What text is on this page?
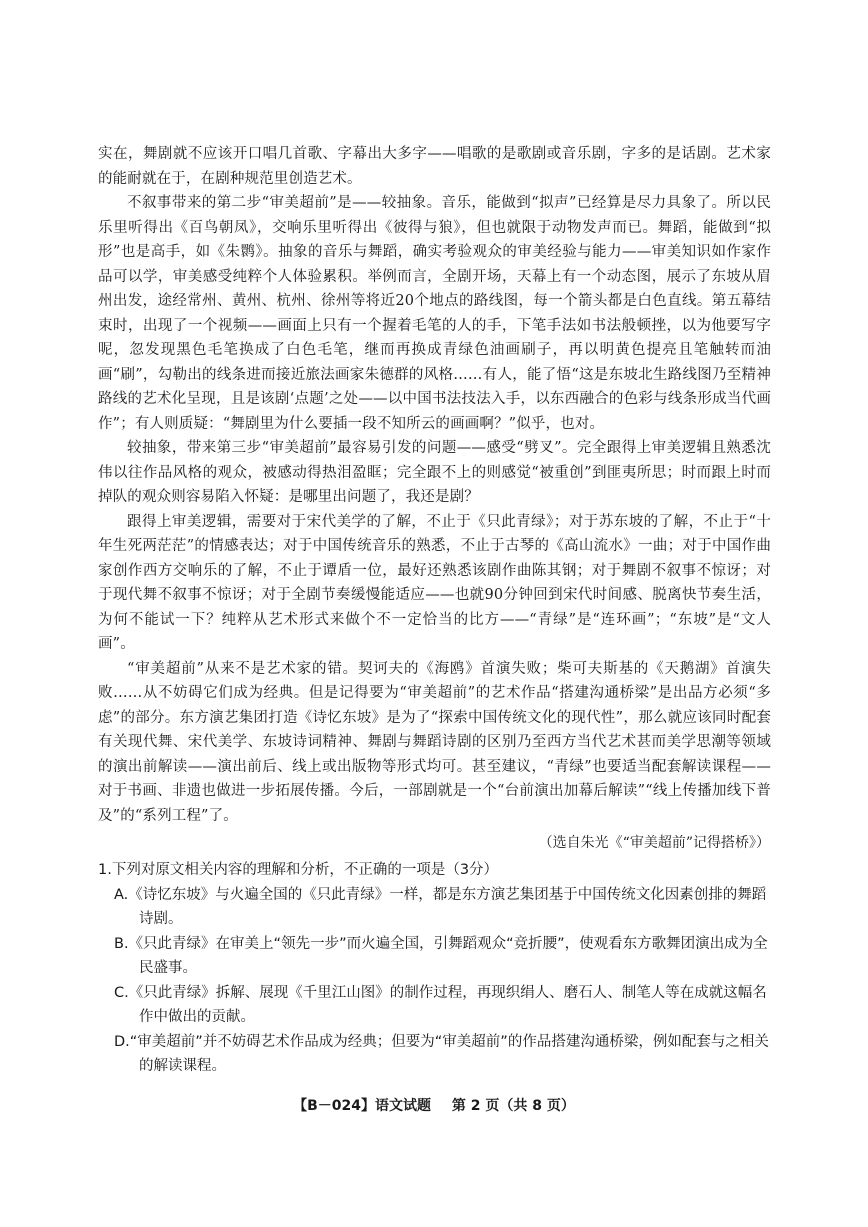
实在，舞剧就不应该开口唱几首歌、字幕出大多字——唱歌的是歌剧或音乐剧，字多的是话剧。艺术家的能耐就在于，在剧种规范里创造艺术。

不叙事带来的第二步“审美超前”是——较抽象。音乐，能做到“拟声”已经算是尽力具象了。所以民乐里听得出《百鸟朝凤》，交响乐里听得出《彼得与狼》，但也就限于动物发声而已。舞蹈，能做到“拟形”也是高手，如《朱鹮》。抽象的音乐与舞蹈，确实考验观众的审美经验与能力——审美知识如作家作品可以学，审美感受纯粹个人体验累积。举例而言，全剧开场，天幕上有一个动态图，展示了东坡从眉州出发，途经常州、黄州、杭州、徐州等将近20个地点的路线图，每一个箭头都是白色直线。第五幕结束时，出现了一个视频——画面上只有一个握着毛笔的人的手，下笔手法如书法般顿挫，以为他要写字呢，忽发现黑色毛笔换成了白色毛笔，继而再换成青绿色油画刷子，再以明黄色提亮且笔触转而油画“刷”，勾勒出的线条进而接近旅法画家朱德群的风格……有人，能了悟“这是东坡北生路线图乃至精神路线的艺术化呈现，且是该剧‘点题’之处——以中国书法技法入手，以东西融合的色彩与线条形成当代画作”；有人则质疑：“舞剧里为什么要插一段不知所云的画画啊？”似乎，也对。

较抽象，带来第三步“审美超前”最容易引发的问题——感受“劈叉”。完全跟得上审美逻辑且熟悉沈伟以往作品风格的观众，被感动得热泪盈眶；完全跟不上的则感觉“被重创”到匪夷所思；时而跟上时而掉队的观众则容易陷入怀疑：是哪里出问题了，我还是剧？

跟得上审美逻辑，需要对于宋代美学的了解，不止于《只此青绿》；对于苏东坡的了解，不止于“十年生死两茫茫”的情感表达；对于中国传统音乐的熟悉，不止于古琴的《高山流水》一曲；对于中国作曲家创作西方交响乐的了解，不止于谭盾一位，最好还熟悉该剧作曲陈其钢；对于舞剧不叙事不惊讶；对于现代舞不叙事不惊讶；对于全剧节奏缓慢能适应——也就90分钟回到宋代时间感、脱离快节奏生活，为何不能试一下？纯粹从艺术形式来做个不一定恰当的比方——“青绿”是“连环画”；“东坡”是“文人画”。

“审美超前”从来不是艺术家的错。契诃夫的《海鸥》首演失败；柴可夫斯基的《天鹅湖》首演失败……从不妨碍它们成为经典。但是记得要为“审美超前”的艺术作品“搭建沟通桥梁”是出品方必须“多虑”的部分。东方演艺集团打造《诗忆东坡》是为了“探索中国传统文化的现代性”，那么就应该同时配套有关现代舞、宋代美学、东坡诗词精神、舞剧与舞蹈诗剧的区别乃至西方当代艺术甚而美学思潮等领域的演出前解读——演出前后、线上或出版物等形式均可。甚至建议，“青绿”也要适当配套解读课程——对于书画、非遗也做进一步拓展传播。今后，一部剧就是一个“台前演出加幕后解读”“线上传播加线下普及”的“系列工程”了。

（选自朱光《“审美超前”记得搭桥》）

1.下列对原文相关内容的理解和分析，不正确的一项是（3分）

A.《诗忆东坡》与火遍全国的《只此青绿》一样，都是东方演艺集团基于中国传统文化因素创排的舞蹈诗剧。

B.《只此青绿》在审美上“领先一步”而火遍全国，引舞蹈观众“竞折腰”，使观看东方歌舞团演出成为全民盛事。

C.《只此青绿》拆解、展现《千里江山图》的制作过程，再现织绢人、磨石人、制笔人等在成就这幅名作中做出的贡献。

D.“审美超前”并不妨碍艺术作品成为经典；但要为“审美超前”的作品搭建沟通桥梁，例如配套与之相关的解读课程。

【B－024】语文试题 第 2 页（共 8 页）
